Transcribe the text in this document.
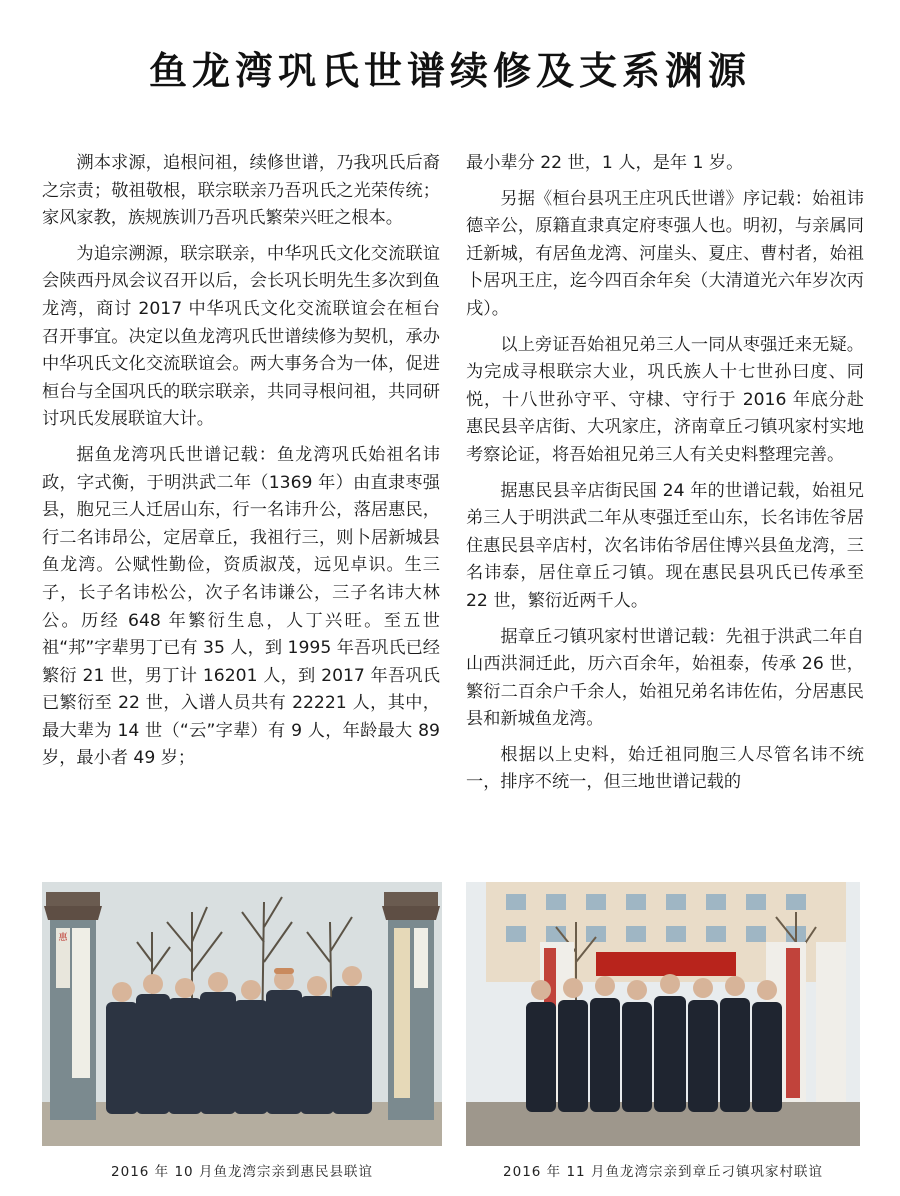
鱼龙湾巩氏世谱续修及支系渊源

溯本求源，追根问祖，续修世谱，乃我巩氏后裔之宗责；敬祖敬根，联宗联亲乃吾巩氏之光荣传统；家风家教，族规族训乃吾巩氏繁荣兴旺之根本。

为追宗溯源，联宗联亲，中华巩氏文化交流联谊会陕西丹凤会议召开以后，会长巩长明先生多次到鱼龙湾，商讨 2017 中华巩氏文化交流联谊会在桓台召开事宜。决定以鱼龙湾巩氏世谱续修为契机，承办中华巩氏文化交流联谊会。两大事务合为一体，促进桓台与全国巩氏的联宗联亲，共同寻根问祖，共同研讨巩氏发展联谊大计。

据鱼龙湾巩氏世谱记载：鱼龙湾巩氏始祖名讳政，字式衡，于明洪武二年（1369 年）由直隶枣强县，胞兄三人迁居山东，行一名讳升公，落居惠民，行二名讳昂公，定居章丘，我祖行三，则卜居新城县鱼龙湾。公赋性勤俭，资质淑茂，远见卓识。生三子，长子名讳松公，次子名讳谦公，三子名讳大林公。历经 648 年繁衍生息，人丁兴旺。至五世祖“邦”字辈男丁已有 35 人，到 1995 年吾巩氏已经繁衍 21 世，男丁计 16201 人，到 2017 年吾巩氏已繁衍至 22 世，入谱人员共有 22221 人，其中，最大辈为 14 世（“云”字辈）有 9 人，年龄最大 89 岁，最小者 49 岁；

最小辈分 22 世，1 人，是年 1 岁。

另据《桓台县巩王庄巩氏世谱》序记载：始祖讳德辛公，原籍直隶真定府枣强人也。明初，与亲属同迁新城，有居鱼龙湾、河崖头、夏庄、曹村者，始祖卜居巩王庄，迄今四百余年矣（大清道光六年岁次丙戌）。

以上旁证吾始祖兄弟三人一同从枣强迁来无疑。为完成寻根联宗大业，巩氏族人十七世孙曰度、同悦，十八世孙守平、守棣、守行于 2016 年底分赴惠民县辛店街、大巩家庄，济南章丘刁镇巩家村实地考察论证，将吾始祖兄弟三人有关史料整理完善。

据惠民县辛店街民国 24 年的世谱记载，始祖兄弟三人于明洪武二年从枣强迁至山东，长名讳佐爷居住惠民县辛店村，次名讳佑爷居住博兴县鱼龙湾，三名讳泰，居住章丘刁镇。现在惠民县巩氏已传承至 22 世，繁衍近两千人。

据章丘刁镇巩家村世谱记载：先祖于洪武二年自山西洪洞迁此，历六百余年，始祖泰，传承 26 世，繁衍二百余户千余人，始祖兄弟名讳佐佑，分居惠民县和新城鱼龙湾。

根据以上史料，始迁祖同胞三人尽管名讳不统一，排序不统一，但三地世谱记载的

惠
2016 年 10 月鱼龙湾宗亲到惠民县联谊	2016 年 11 月鱼龙湾宗亲到章丘刁镇巩家村联谊
